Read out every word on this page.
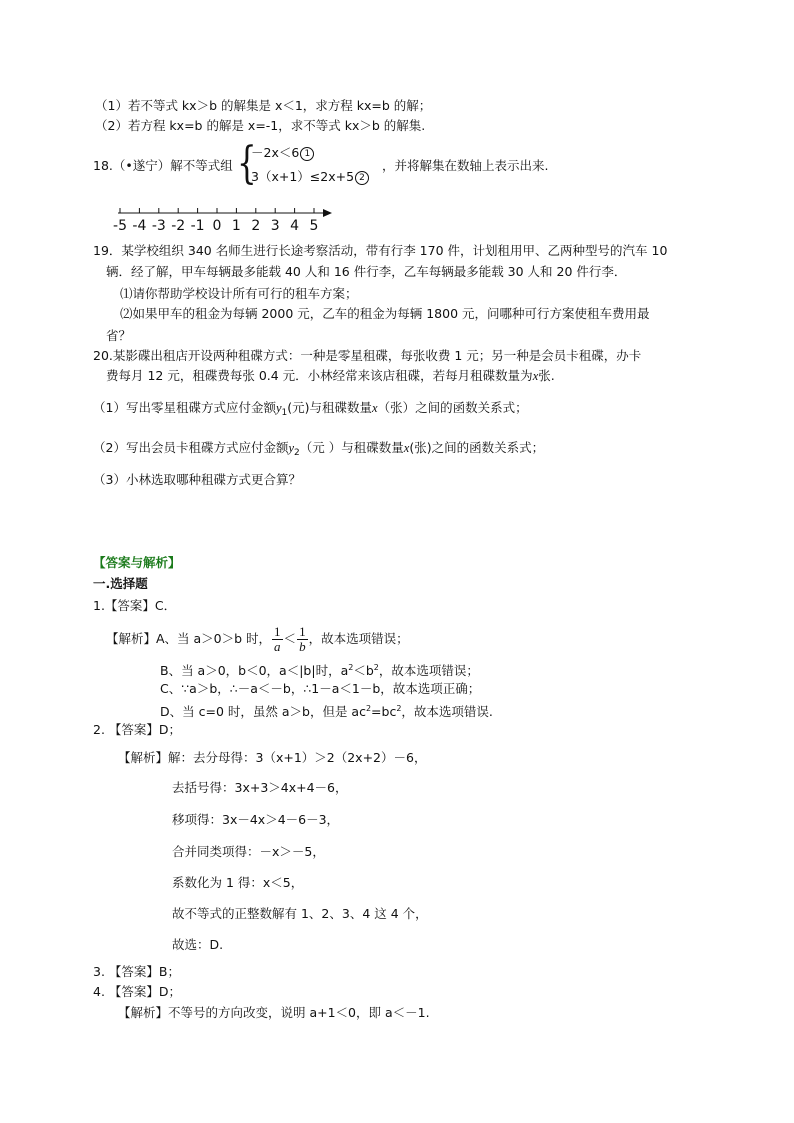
（1）若不等式 kx＞b 的解集是 x＜1，求方程 kx=b 的解；
（2）若方程 kx=b 的解是 x=-1，求不等式 kx＞b 的解集.
18.（•遂宁）解不等式组 {
－2x＜6 1
3（x+1）≤2x+5 2
，并将解集在数轴上表示出来.
-5 -4 -3 -2 -1 0 1 2 3 4 5
19．某学校组织 340 名师生进行长途考察活动，带有行李 170 件，计划租用甲、乙两种型号的汽车 10
辆．经了解，甲车每辆最多能载 40 人和 16 件行李，乙车每辆最多能载 30 人和 20 件行李．
⑴请你帮助学校设计所有可行的租车方案；
⑵如果甲车的租金为每辆 2000 元，乙车的租金为每辆 1800 元，问哪种可行方案使租车费用最
省？
20.某影碟出租店开设两种租碟方式：一种是零星租碟，每张收费 1 元；另一种是会员卡租碟，办卡
费每月 12 元，租碟费每张 0.4 元．小林经常来该店租碟，若每月租碟数量为x张.
（1）写出零星租碟方式应付金额$y_1$(元)与租碟数量x（张）之间的函数关系式；
（2）写出会员卡租碟方式应付金额$y_2$（元 ）与租碟数量x(张)之间的函数关系式；
（3）小林选取哪种租碟方式更合算？
【答案与解析】
一.选择题
1.【答案】C．
【解析】A、当 a＞0＞b 时， $\frac{1}{a} < \frac{1}{b}$ ，故本选项错误；
B、当 a＞0，b＜0，a＜|b|时，$a^2<b^2$，故本选项错误；
C、∵a＞b，∴－a＜－b，∴1－a＜1－b，故本选项正确；
D、当 c=0 时，虽然 a＞b，但是 $ac^2=bc^2$，故本选项错误.
2. 【答案】D；
【解析】解：去分母得：3（x+1）＞2（2x+2）－6，
去括号得：3x+3＞4x+4－6，
移项得：3x－4x＞4－6－3，
合并同类项得：－x＞－5，
系数化为 1 得：x＜5，
故不等式的正整数解有 1、2、3、4 这 4 个，
故选：D.
3. 【答案】B；
4. 【答案】D；
【解析】不等号的方向改变，说明 a+1＜0，即 a＜－1.
